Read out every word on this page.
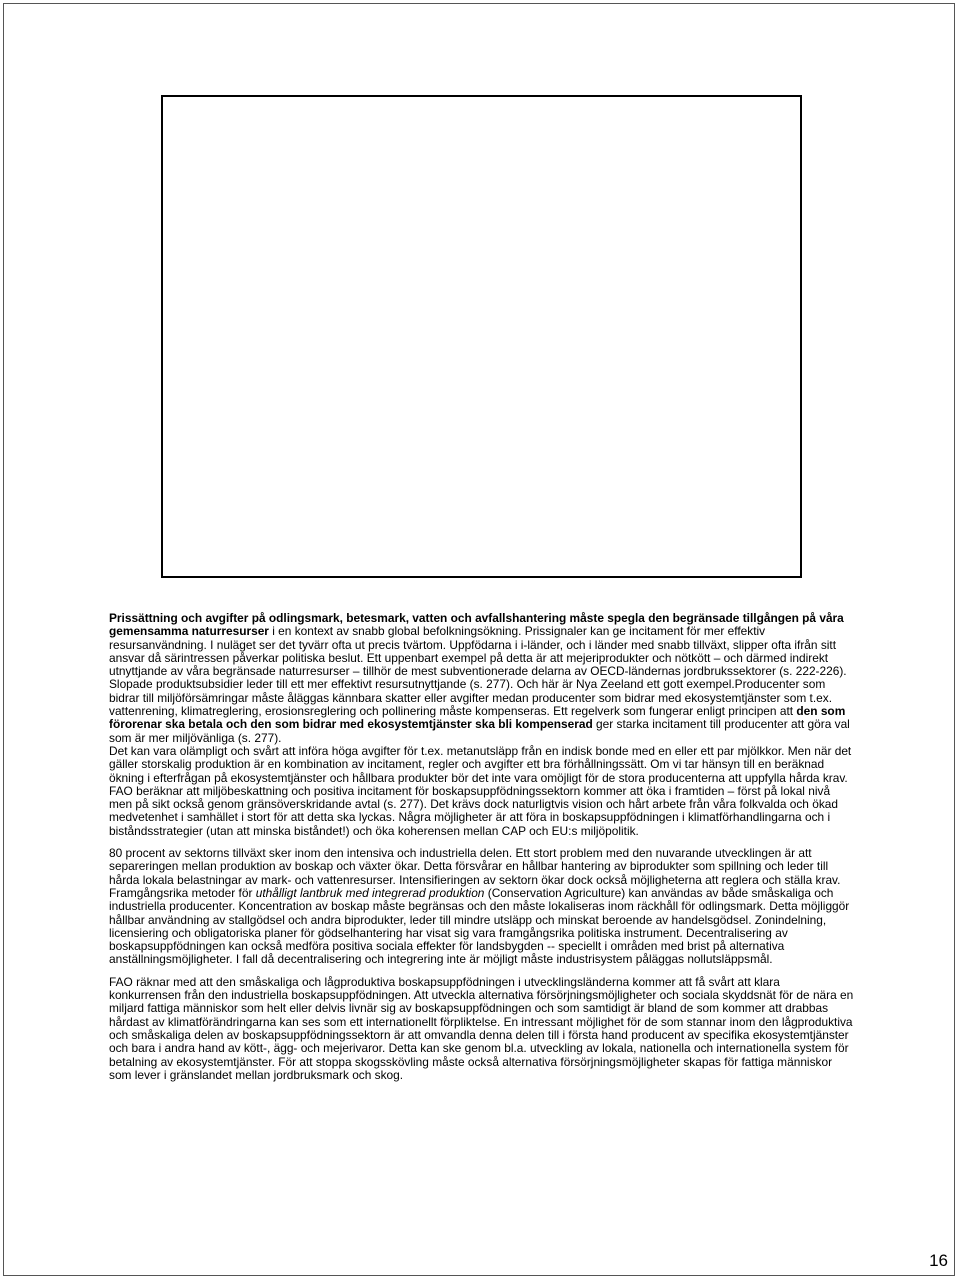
Prissättning och avgifter på odlingsmark, betesmark, vatten och avfallshantering måste spegla den begränsade tillgången på våra gemensamma naturresurser i en kontext av snabb global befolkningsökning. Prissignaler kan ge incitament för mer effektiv resursanvändning. I nuläget ser det tyvärr ofta ut precis tvärtom. Uppfödarna i i-länder, och i länder med snabb tillväxt, slipper ofta ifrån sitt ansvar då särintressen påverkar politiska beslut. Ett uppenbart exempel på detta är att mejeriprodukter och nötkött – och därmed indirekt utnyttjande av våra begränsade naturresurser – tillhör de mest subventionerade delarna av OECD-ländernas jordbrukssektorer (s. 222-226). Slopade produktsubsidier leder till ett mer effektivt resursutnyttjande (s. 277). Och här är Nya Zeeland ett gott exempel.Producenter som bidrar till miljöförsämringar måste åläggas kännbara skatter eller avgifter medan producenter som bidrar med ekosystemtjänster som t.ex. vattenrening, klimatreglering, erosionsreglering och pollinering måste kompenseras. Ett regelverk som fungerar enligt principen att den som förorenar ska betala och den som bidrar med ekosystemtjänster ska bli kompenserad ger starka incitament till producenter att göra val som är mer miljövänliga (s. 277).

Det kan vara olämpligt och svårt att införa höga avgifter för t.ex. metanutsläpp från en indisk bonde med en eller ett par mjölkkor. Men när det gäller storskalig produktion är en kombination av incitament, regler och avgifter ett bra förhållningssätt. Om vi tar hänsyn till en beräknad ökning i efterfrågan på ekosystemtjänster och hållbara produkter bör det inte vara omöjligt för de stora producenterna att uppfylla hårda krav. FAO beräknar att miljöbeskattning och positiva incitament för boskapsuppfödningssektorn kommer att öka i framtiden – först på lokal nivå men på sikt också genom gränsöverskridande avtal (s. 277). Det krävs dock naturligtvis vision och hårt arbete från våra folkvalda och ökad medvetenhet i samhället i stort för att detta ska lyckas. Några möjligheter är att föra in boskapsuppfödningen i klimatförhandlingarna och i biståndsstrategier (utan att minska biståndet!) och öka koherensen mellan CAP och EU:s miljöpolitik.

80 procent av sektorns tillväxt sker inom den intensiva och industriella delen. Ett stort problem med den nuvarande utvecklingen är att separeringen mellan produktion av boskap och växter ökar. Detta försvårar en hållbar hantering av biprodukter som spillning och leder till hårda lokala belastningar av mark- och vattenresurser. Intensifieringen av sektorn ökar dock också möjligheterna att reglera och ställa krav. Framgångsrika metoder för uthålligt lantbruk med integrerad produktion (Conservation Agriculture) kan användas av både småskaliga och industriella producenter. Koncentration av boskap måste begränsas och den måste lokaliseras inom räckhåll för odlingsmark. Detta möjliggör hållbar användning av stallgödsel och andra biprodukter, leder till mindre utsläpp och minskat beroende av handelsgödsel. Zonindelning, licensiering och obligatoriska planer för gödselhantering har visat sig vara framgångsrika politiska instrument. Decentralisering av boskapsuppfödningen kan också medföra positiva sociala effekter för landsbygden -- speciellt i områden med brist på alternativa anställningsmöjligheter. I fall då decentralisering och integrering inte är möjligt måste industrisystem påläggas nollutsläppsmål.

FAO räknar med att den småskaliga och lågproduktiva boskapsuppfödningen i utvecklingsländerna kommer att få svårt att klara konkurrensen från den industriella boskapsuppfödningen. Att utveckla alternativa försörjningsmöjligheter och sociala skyddsnät för de nära en miljard fattiga människor som helt eller delvis livnär sig av boskapsuppfödningen och som samtidigt är bland de som kommer att drabbas hårdast av klimatförändringarna kan ses som ett internationellt förpliktelse. En intressant möjlighet för de som stannar inom den lågproduktiva och småskaliga delen av boskapsuppfödningssektorn är att omvandla denna delen till i första hand producent av specifika ekosystemtjänster och bara i andra hand av kött-, ägg- och mejerivaror. Detta kan ske genom bl.a. utveckling av lokala, nationella och internationella system för betalning av ekosystemtjänster. För att stoppa skogsskövling måste också alternativa försörjningsmöjligheter skapas för fattiga människor som lever i gränslandet mellan jordbruksmark och skog.

16
